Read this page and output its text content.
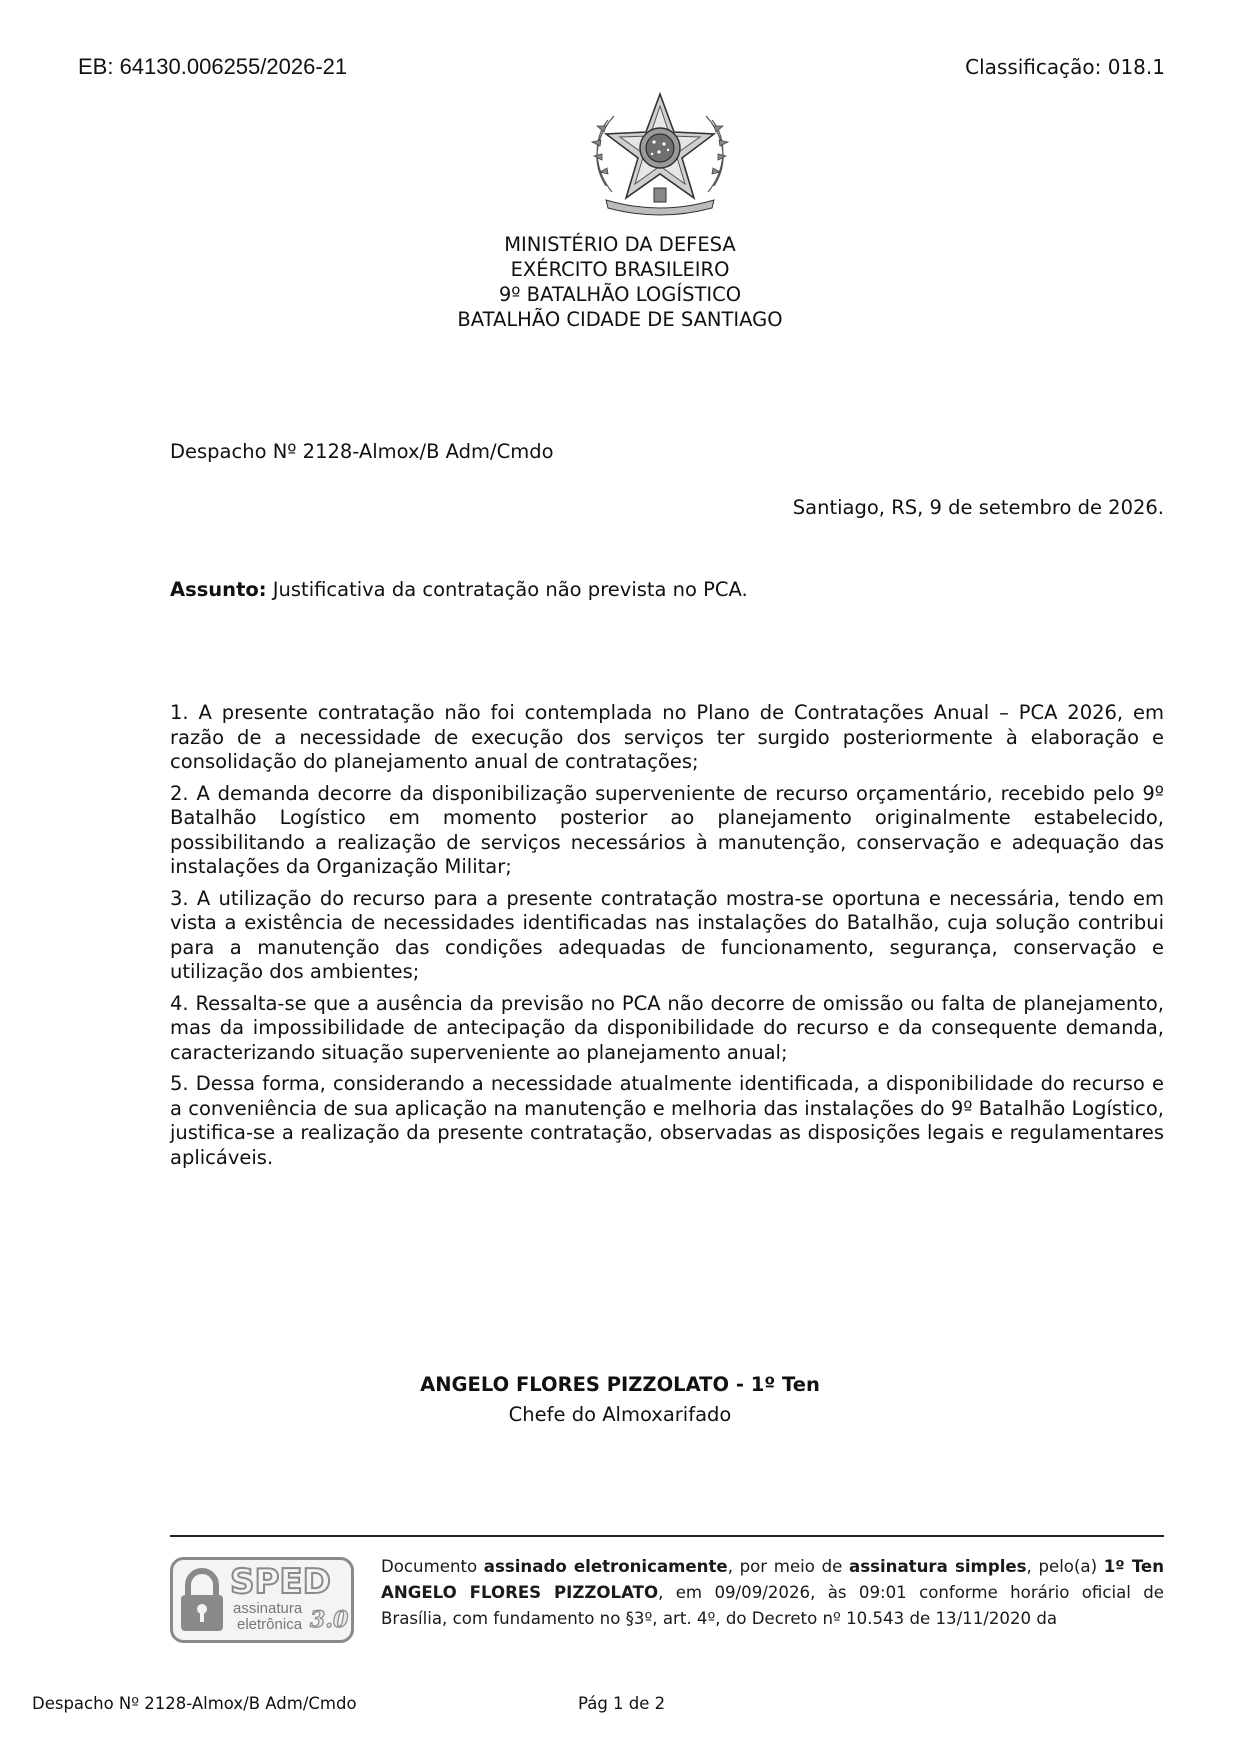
EB: 64130.006255/2026-21	Classificação: 018.1
MINISTÉRIO DA DEFESA
EXÉRCITO BRASILEIRO
9º BATALHÃO LOGÍSTICO
BATALHÃO CIDADE DE SANTIAGO
Despacho Nº 2128-Almox/B Adm/Cmdo
Santiago, RS, 9 de setembro de 2026.
Assunto: Justificativa da contratação não prevista no PCA.

1. A presente contratação não foi contemplada no Plano de Contratações Anual – PCA 2026, em razão de a necessidade de execução dos serviços ter surgido posteriormente à elaboração e consolidação do planejamento anual de contratações;

2. A demanda decorre da disponibilização superveniente de recurso orçamentário, recebido pelo 9º Batalhão Logístico em momento posterior ao planejamento originalmente estabelecido, possibilitando a realização de serviços necessários à manutenção, conservação e adequação das instalações da Organização Militar;

3. A utilização do recurso para a presente contratação mostra-se oportuna e necessária, tendo em vista a existência de necessidades identificadas nas instalações do Batalhão, cuja solução contribui para a manutenção das condições adequadas de funcionamento, segurança, conservação e utilização dos ambientes;

4. Ressalta-se que a ausência da previsão no PCA não decorre de omissão ou falta de planejamento, mas da impossibilidade de antecipação da disponibilidade do recurso e da consequente demanda, caracterizando situação superveniente ao planejamento anual;

5. Dessa forma, considerando a necessidade atualmente identificada, a disponibilidade do recurso e a conveniência de sua aplicação na manutenção e melhoria das instalações do 9º Batalhão Logístico, justifica-se a realização da presente contratação, observadas as disposições legais e regulamentares aplicáveis.

ANGELO FLORES PIZZOLATO - 1º Ten
Chefe do Almoxarifado
SPED
assinatura
eletrônica 3.0
Documento assinado eletronicamente, por meio de assinatura simples, pelo(a) 1º Ten ANGELO FLORES PIZZOLATO, em 09/09/2026, às 09:01 conforme horário oficial de Brasília, com fundamento no §3º, art. 4º, do Decreto nº 10.543 de 13/11/2020 da
Despacho Nº 2128-Almox/B Adm/Cmdo	Pág 1 de 2
